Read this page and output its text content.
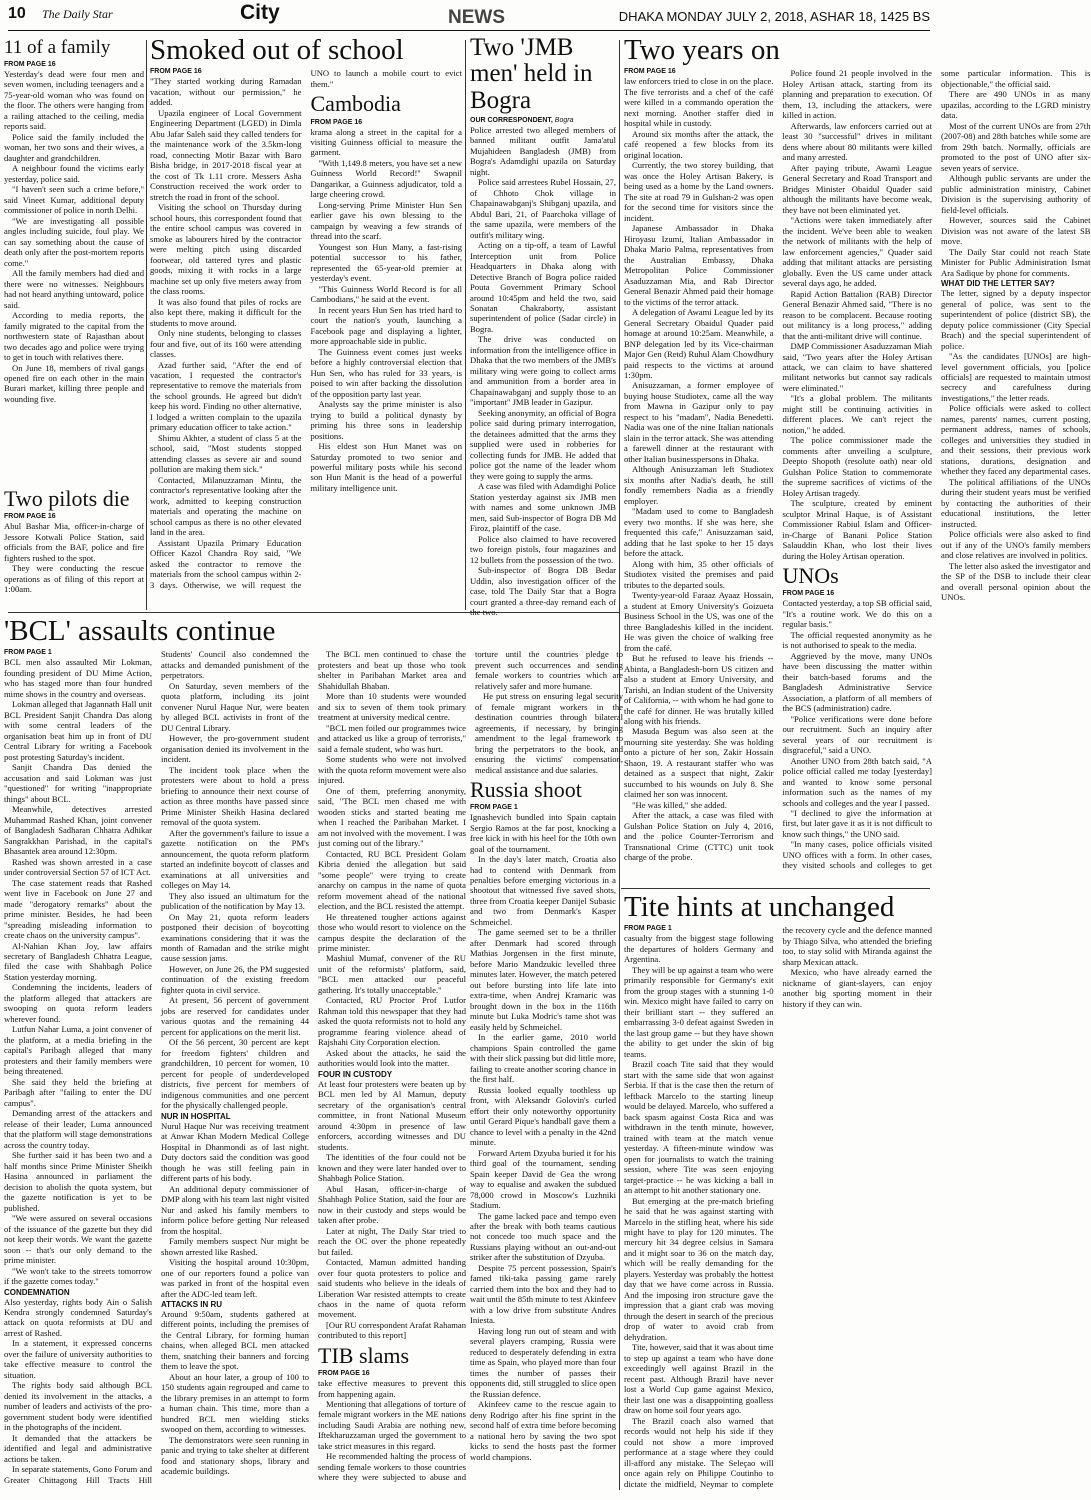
10 The Daily Star	City	NEWS	DHAKA MONDAY JULY 2, 2018, ASHAR 18, 1425 BS
11 of a family
FROM PAGE 16

Yesterday's dead were four men and seven women, including teenagers and a 75-year-old woman who was found on the floor. The others were hanging from a railing attached to the ceiling, media reports said.

Police said the family included the woman, her two sons and their wives, a daughter and grandchildren.

A neighbour found the victims early yesterday, police said.

"I haven't seen such a crime before," said Vineet Kumar, additional deputy commissioner of police in north Delhi.

"We are investigating all possible angles including suicide, foul play. We can say something about the cause of death only after the post-mortem reports come."

All the family members had died and there were no witnesses. Neighbours had not heard anything untoward, police said.

According to media reports, the family migrated to the capital from the northwestern state of Rajasthan about two decades ago and police were trying to get in touch with relatives there.

On June 18, members of rival gangs opened fire on each other in the main Burari market, killing three people and wounding five.

Two pilots die
FROM PAGE 16

Abul Bashar Mia, officer-in-charge of Jessore Kotwali Police Station, said officials from the BAF, police and fire fighters rushed to the spot.

They were conducting the rescue operations as of filing of this report at 1:00am.

Smoked out of school
FROM PAGE 16

"They started working during Ramadan vacation, without our permission," he added.

Upazila engineer of Local Government Engineering Department (LGED) in Dimla Abu Jafar Saleh said they called tenders for the maintenance work of the 3.5km-long road, connecting Motir Bazar with Baro Bisha bridge, in 2017-2018 fiscal year at the cost of Tk 1.11 crore. Messers Asha Construction received the work order to stretch the road in front of the school.

Visiting the school on Thursday during school hours, this correspondent found that the entire school campus was covered in smoke as labourers hired by the contractor were melting pitch using discarded footwear, old tattered tyres and plastic goods, mixing it with rocks in a large machine set up only five meters away from the class rooms.

It was also found that piles of rocks are also kept there, making it difficult for the students to move around.

Only nine students, belonging to classes four and five, out of its 160 were attending classes.

Azad further said, "After the end of vacation, I requested the contractor's representative to remove the materials from the school grounds. He agreed but didn't keep his word. Finding no other alternative, I lodged a written complain to the upazila primary education officer to take action."

Shimu Akhter, a student of class 5 at the school, said, "Most students stopped attending classes as severe air and sound pollution are making them sick."

Contacted, Milanuzzaman Mintu, the contractor's representative looking after the work, admitted to keeping construction materials and operating the machine on school campus as there is no other elevated land in the area.

Assistant Upazila Primary Education Officer Kazol Chandra Roy said, "We asked the contractor to remove the materials from the school campus within 2-3 days. Otherwise, we will request the UNO to launch a mobile court to evict them."

Cambodia
FROM PAGE 16

krama along a street in the capital for a visiting Guinness official to measure the garment.

"With 1,149.8 meters, you have set a new Guinness World Record!" Swapnil Dangarikar, a Guinness adjudicator, told a large cheering crowd.

Long-serving Prime Minister Hun Sen earlier gave his own blessing to the campaign by weaving a few strands of thread into the scarf.

Youngest son Hun Many, a fast-rising potential successor to his father, represented the 65-year-old premier at yesterday's event.

"This Guinness World Record is for all Cambodians," he said at the event.

In recent years Hun Sen has tried hard to court the nation's youth, launching a Facebook page and displaying a lighter, more approachable side in public.

The Guinness event comes just weeks before a highly controversial election that Hun Sen, who has ruled for 33 years, is poised to win after backing the dissolution of the opposition party last year.

Analysts say the prime minister is also trying to build a political dynasty by priming his three sons in leadership positions.

His eldest son Hun Manet was on Saturday promoted to two senior and powerful military posts while his second son Hun Manit is the head of a powerful military intelligence unit.

Two 'JMB men' held in Bogra
OUR CORRESPONDENT, Bogra

Police arrested two alleged members of banned militant outfit Jama'atul Mujahideen Bangladesh (JMB) from Bogra's Adamdighi upazila on Saturday night.

Police said arrestees Rubel Hossain, 27, of Chhoto Chok village in Chapainawabganj's Shibganj upazila, and Abdul Bari, 21, of Paarchoka village of the same upazila, were members of the outfit's military wing.

Acting on a tip-off, a team of Lawful Interception unit from Police Headquarters in Dhaka along with Detective Branch of Bogra police raided Pouta Government Primary School around 10:45pm and held the two, said Sonatan Chakraborty, assistant superintendent of police (Sadar circle) in Bogra.

The drive was conducted on information from the intelligence office in Dhaka that the two members of the JMB's military wing were going to collect arms and ammunition from a border area in Chapainawabganj and supply those to an "important" JMB leader in Gazipur.

Seeking anonymity, an official of Bogra police said during primary interrogation, the detainees admitted that the arms they supplied were used in robberies for collecting funds for JMB. He added that police got the name of the leader whom they were going to supply the arms.

A case was filed with Adamdighi Police Station yesterday against six JMB men with names and some unknown JMB men, said Sub-inspector of Bogra DB Md Firoz, plaintiff of the case.

Police also claimed to have recovered two foreign pistols, four magazines and 12 bullets from the possession of the two.

Sub-inspector of Bogra DB Bedar Uddin, also investigation officer of the case, told The Daily Star that a Bogra court granted a three-day remand each of the two.

Russia shoot
FROM PAGE 1

Ignashevich bundled into Spain captain Sergio Ramos at the far post, knocking a free kick in with his heel for the 10th own goal of the tournament.

In the day's later match, Croatia also had to contend with Denmark from penalties before emerging victorious in a shootout that witnessed five saved shots, three from Croatia keeper Danijel Subasic and two from Denmark's Kasper Schmeichel.

The game seemed set to be a thriller after Denmark had scored through Mathias Jorgensen in the first minute, before Mario Mandzukic levelled three minutes later. However, the match petered out before bursting into life late into extra-time, when Andrej Kramaric was brought down in the box in the 116th minute but Luka Modric's tame shot was easily held by Schmeichel.

In the earlier game, 2010 world champions Spain controlled the game with their slick passing but did little more, failing to create another scoring chance in the first half.

Russia looked equally toothless up front, with Aleksandr Golovin's curled effort their only noteworthy opportunity until Gerard Pique's handball gave them a chance to level with a penalty in the 42nd minute.

Forward Artem Dzyuba buried it for his third goal of the tournament, sending Spain keeper David de Gea the wrong way to equalise and awaken the subdued 78,000 crowd in Moscow's Luzhniki Stadium.

The game lacked pace and tempo even after the break with both teams cautious not concede too much space and the Russians playing without an out-and-out striker after the substitution of Dzyuba.

Despite 75 percent possession, Spain's famed tiki-taka passing game rarely carried them into the box and they had to wait until the 85th minute to test Akinfeev with a low drive from substitute Andres Iniesta.

Having long run out of steam and with several players cramping, Russia were reduced to desperately defending in extra time as Spain, who played more than four times the number of passes their opponents did, still struggled to slice open the Russian defence.

Akinfeev came to the rescue again to deny Rodrigo after his fine sprint in the second half of extra time before becoming a national hero by saving the two spot kicks to send the hosts past the former world champions.

Two years on
FROM PAGE 16

law enforcers tried to close in on the place. The five terrorists and a chef of the café were killed in a commando operation the next morning. Another staffer died in hospital while in custody.

Around six months after the attack, the café reopened a few blocks from its original location.

Currently, the two storey building, that was once the Holey Artisan Bakery, is being used as a home by the Land owners. The site at road 79 in Gulshan-2 was open for the second time for visitors since the incident.

Japanese Ambassador in Dhaka Hiroyasu Izumi, Italian Ambassador in Dhaka Mario Palma, representatives from the Australian Embassy, Dhaka Metropolitan Police Commissioner Asaduzzaman Mia, and Rab Director General Benazir Ahmed paid their homage to the victims of the terror attack.

A delegation of Awami League led by its General Secretary Obaidul Quader paid homage at around 10:25am. Meanwhile, a BNP delegation led by its Vice-chairman Major Gen (Retd) Ruhul Alam Chowdhury paid respects to the victims at around 1:30pm.

Anisuzzaman, a former employee of buying house Studiotex, came all the way from Mawna in Gazipur only to pay respect to his "madam", Nadia Benedetti. Nadia was one of the nine Italian nationals slain in the terror attack. She was attending a farewell dinner at the restaurant with other Italian businesspersons in Dhaka.

Although Anisuzzaman left Studiotex six months after Nadia's death, he still fondly remembers Nadia as a friendly employer.

"Madam used to come to Bangladesh every two months. If she was here, she frequented this cafe," Anisuzzaman said, adding that he last spoke to her 15 days before the attack.

Along with him, 35 other officials of Studiotex visited the premises and paid tributes to the departed souls.

Twenty-year-old Faraaz Ayaaz Hossain, a student at Emory University's Goizueta Business School in the US, was one of the three Bangladeshis killed in the incident. He was given the choice of walking free from the café.

But he refused to leave his friends -- Abinta, a Bangladesh-born US citizen and also a student at Emory University, and Tarishi, an Indian student of the University of California, -- with whom he had gone to the café for dinner. He was brutally killed along with his friends.

Masuda Begum was also seen at the mourning site yesterday. She was holding onto a picture of her son, Zakir Hossain Shaon, 19. A restaurant staffer who was detained as a suspect that night, Zakir succumbed to his wounds on July 8. She claimed her son was innocent.

"He was killed," she added.

After the attack, a case was filed with Gulshan Police Station on July 4, 2016, and the police Counter-Terrorism and Transnational Crime (CTTC) unit took charge of the probe.

Police found 21 people involved in the Holey Artisan attack, starting from its planning and preparation to execution. Of them, 13, including the attackers, were killed in action.

Afterwards, law enforcers carried out at least 30 "successful" drives in militant dens where about 80 militants were killed and many arrested.

After paying tribute, Awami League General Secretary and Road Transport and Bridges Minister Obaidul Quader said although the militants have become weak, they have not been eliminated yet.

"Actions were taken immediately after the incident. We've been able to weaken the network of militants with the help of law enforcement agencies," Quader said adding that militant attacks are persisting globally. Even the US came under attack several days ago, he added.

Rapid Action Battalion (RAB) Director General Benazir Ahmed said, "There is no reason to be complacent. Because rooting out militancy is a long process," adding that the anti-militant drive will continue.

DMP Commissioner Asaduzzaman Miah said, "Two years after the Holey Artisan attack, we can claim to have shattered militant networks but cannot say radicals were eliminated."

"It's a global problem. The militants might still be continuing activities in different places. We can't reject the notion," he added.

The police commissioner made the comments after unveiling a sculpture, Deepto Shopoth (resolute oath) near old Gulshan Police Station to commemorate the supreme sacrifices of victims of the Holey Artisan tragedy.

The sculpture, created by eminent sculptor Mrinal Haque, is of Assistant Commissioner Rabiul Islam and Officer-in-Charge of Banani Police Station Salauddin Khan, who lost their lives during the Holey Artisan operation.

UNOs
FROM PAGE 16

Contacted yesterday, a top SB official said, "It's a routine work. We do this on a regular basis."

The official requested anonymity as he is not authorised to speak to the media.

Aggrieved by the move, many UNOs have been discussing the matter within their batch-based forums and the Bangladesh Administrative Service Association, a platform of all members of the BCS (administration) cadre.

"Police verifications were done before our recruitment. Such an inquiry after several years of our recruitment is disgraceful," said a UNO.

Another UNO from 28th batch said, "A police official called me today [yesterday] and wanted to know some personal information such as the names of my schools and colleges and the year I passed.

"I declined to give the information at first, but later gave it as it is not difficult to know such things," the UNO said.

"In many cases, police officials visited UNO offices with a form. In other cases, they visited schools and colleges to get some particular information. This is objectionable," the official said.

There are 490 UNOs in as many upazilas, according to the LGRD ministry data.

Most of the current UNOs are from 27th (2007-08) and 28th batches while some are from 29th batch. Normally, officials are promoted to the post of UNO after six-seven years of service.

Although public servants are under the public administration ministry, Cabinet Division is the supervising authority of field-level officials.

However, sources said the Cabinet Division was not aware of the latest SB move.

The Daily Star could not reach State Minister for Public Administration Ismat Ara Sadique by phone for comments.

WHAT DID THE LETTER SAY?

The letter, signed by a deputy inspector general of police, was sent to the superintendent of police (district SB), the deputy police commissioner (City Special Brach) and the special superintendent of police.

"As the candidates [UNOs] are high-level government officials, you [police officials] are requested to maintain utmost secrecy and carefulness during investigations," the letter reads.

Police officials were asked to collect names, parents' names, current posting, permanent address, names of schools, colleges and universities they studied in and their sessions, their previous work stations, durations, designation and whether they faced any departmental cases.

The political affiliations of the UNOs during their student years must be verified by contacting the authorities of their educational institutions, the letter instructed.

Police officials were also asked to find out if any of the UNO's family members and close relatives are involved in politics.

The letter also asked the investigator and the SP of the DSB to include their clear and overall personal opinion about the UNOs.

'BCL' assaults continue
FROM PAGE 1

BCL men also assaulted Mir Lokman, founding president of DU Mime Action, who has staged more than four hundred mime shows in the country and overseas.

Lokman alleged that Jagannath Hall unit BCL President Sanjit Chandra Das along with some central leaders of the organisation beat him up in front of DU Central Library for writing a Facebook post protesting Saturday's incident.

Sanjit Chandra Das denied the accusation and said Lokman was just "questioned" for writing "inappropriate things" about BCL.

Meanwhile, detectives arrested Muhammad Rashed Khan, joint convener of Bangladesh Sadharan Chhatra Adhikar Sangrakkhan Parishad, in the capital's Bhasantek area around 12:30pm.

Rashed was shown arrested in a case under controversial Section 57 of ICT Act.

The case statement reads that Rashed went live in Facebook on June 27 and made "derogatory remarks" about the prime minister. Besides, he had been "spreading misleading information to create chaos on the university campus".

Al-Nahian Khan Joy, law affairs secretary of Bangladesh Chhatra League, filed the case with Shahbagh Police Station yesterday morning.

Condemning the incidents, leaders of the platform alleged that attackers are swooping on quota reform leaders wherever found.

Lutfun Nahar Luma, a joint convener of the platform, at a media briefing in the capital's Paribagh alleged that many protesters and their family members were being threatened.

She said they held the briefing at Paribagh after "failing to enter the DU campus".

Demanding arrest of the attackers and release of their leader, Luma announced that the platform will stage demonstrations across the country today.

She further said it has been two and a half months since Prime Minister Sheikh Hasina announced in parliament the decision to abolish the quota system, but the gazette notification is yet to be published.

"We were assured on several occasions of the issuance of the gazette but they did not keep their words. We want the gazette soon -- that's our only demand to the prime minister.

"We won't take to the streets tomorrow if the gazette comes today."

CONDEMNATION

Also yesterday, rights body Ain o Salish Kendra strongly condemned Saturday's attack on quota reformists at DU and arrest of Rashed.

In a statement, it expressed concerns over the failure of university authorities to take effective measure to control the situation.

The rights body said although BCL denied its involvement in the attacks, a number of leaders and activists of the pro-government student body were identified in the photographs of the incident.

It demanded that the attackers be identified and legal and administrative actions be taken.

In separate statements, Gono Forum and Greater Chittagong Hill Tracts Hill Students' Council also condemned the attacks and demanded punishment of the perpetrators.

On Saturday, seven members of the quota platform, including its joint convener Nurul Haque Nur, were beaten by alleged BCL activists in front of the DU Central Library.

However, the pro-government student organisation denied its involvement in the incident.

The incident took place when the protesters were about to hold a press briefing to announce their next course of action as three months have passed since Prime Minister Sheikh Hasina declared removal of the quota system.

After the government's failure to issue a gazette notification on the PM's announcement, the quota reform platform started an indefinite boycott of classes and examinations at all universities and colleges on May 14.

They also issued an ultimatum for the publication of the notification by May 13.

On May 21, quota reform leaders postponed their decision of boycotting examinations considering that it was the month of Ramadan and the strike might cause session jams.

However, on June 26, the PM suggested continuation of the existing freedom fighter quota in civil service.

At present, 56 percent of government jobs are reserved for candidates under various quotas and the remaining 44 percent for applications on the merit list.

Of the 56 percent, 30 percent are kept for freedom fighters' children and grandchildren, 10 percent for women, 10 percent for people of underdeveloped districts, five percent for members of indigenous communities and one percent for the physically challenged people.

NUR IN HOSPITAL

Nurul Haque Nur was receiving treatment at Anwar Khan Modern Medical College Hospital in Dhanmondi as of last night. Duty doctors said the condition was good though he was still feeling pain in different parts of his body.

An additional deputy commissioner of DMP along with his team last night visited Nur and asked his family members to inform police before getting Nur released from the hospital.

Family members suspect Nur might be shown arrested like Rashed.

Visiting the hospital around 10:30pm, one of our reporters found a police van was parked in front of the hospital even after the ADC-led team left.

ATTACKS IN RU

Around 9:50am, students gathered at different points, including the premises of the Central Library, for forming human chains, when alleged BCL men attacked them, snatching their banners and forcing them to leave the spot.

About an hour later, a group of 100 to 150 students again regrouped and came to the library premises in an attempt to form a human chain. This time, more than a hundred BCL men wielding sticks swooped on them, according to witnesses.

The demonstrators were seen running in panic and trying to take shelter at different food and stationary shops, library and academic buildings.

The BCL men continued to chase the protesters and beat up those who took shelter in Paribahan Market area and Shahidullah Bhaban.

More than 10 students were wounded and six to seven of them took primary treatment at university medical centre.

"BCL men foiled our programmes twice and attacked us like a group of terrorists," said a female student, who was hurt.

Some students who were not involved with the quota reform movement were also injured.

One of them, preferring anonymity, said, "The BCL men chased me with wooden sticks and started beating me when I reached the Paribahan Market. I am not involved with the movement. I was just coming out of the library."

Contacted, RU BCL President Golam Kibria denied the allegation but said "some people" were trying to create anarchy on campus in the name of quota reform movement ahead of the national election, and the BCL resisted the attempt.

He threatened tougher actions against those who would resort to violence on the campus despite the declaration of the prime minister.

Mashiul Mumaf, convener of the RU unit of the reformists' platform, said, "BCL men attacked our peaceful gathering. It's totally unacceptable."

Contacted, RU Proctor Prof Lutfor Rahman told this newspaper that they had asked the quota reformists not to hold any programme fearing violence ahead of Rajshahi City Corporation election.

Asked about the attacks, he said the authorities would look into the matter.

FOUR IN CUSTODY

At least four protesters were beaten up by BCL men led by Al Mamun, deputy secretary of the organisation's central committee, in front National Museum around 4:30pm in presence of law enforcers, according witnesses and DU students.

The identities of the four could not be known and they were later handed over to Shahbagh Police Station.

Abul Hasan, officer-in-charge of Shahbagh Police Station, said the four are now in their custody and steps would be taken after probe.

Later at night, The Daily Star tried to reach the OC over the phone repeatedly but failed.

Contacted, Mamun admitted handing over four quota protesters to police and said students who believe in the ideals of Liberation War resisted attempts to create chaos in the name of quota reform movement.

[Our RU correspondent Arafat Rahaman contributed to this report]

TIB slams
FROM PAGE 16

take effective measures to prevent this from happening again.

Mentioning that allegations of torture of female migrant workers in the ME nations including Saudi Arabia are nothing new, Iftekharuzzaman urged the government to take strict measures in this regard.

He recommended halting the process of sending female workers to those countries where they were subjected to abuse and torture until the countries pledge to prevent such occurrences and sending female workers to countries which are relatively safer and more humane.

He put stress on ensuring legal security of female migrant workers in the destination countries through bilateral agreements, if necessary, by bringing amendment to the legal framework to bring the perpetrators to the book, and ensuring the victims' compensation, medical assistance and due salaries.

Tite hints at unchanged
FROM PAGE 1

casualty from the biggest stage following the departures of holders Germany and Argentina.

They will be up against a team who were primarily responsible for Germany's exit from the group stages with a stunning 1-0 win. Mexico might have failed to carry on their brilliant start -- they suffered an embarrassing 3-0 defeat against Sweden in the last group game -- but they have shown the ability to get under the skin of big teams.

Brazil coach Tite said that they would start with the same side that won against Serbia. If that is the case then the return of leftback Marcelo to the starting lineup would be delayed. Marcelo, who suffered a back spasm against Costa Rica and was withdrawn in the tenth minute, however, trained with team at the match venue yesterday. A fifteen-minute window was open for journalists to watch the training session, where Tite was seen enjoying target-practice -- he was kicking a ball in an attempt to hit another stationary one.

But emerging at the pre-match briefing he said that he was against starting with Marcelo in the stifling heat, where his side might have to play for 120 minutes. The mercury hit 34 degree celsius in Samara and it might soar to 36 on the match day, which will be really demanding for the players. Yesterday was probably the hottest day that we have come across in Russia. And the imposing iron structure gave the impression that a giant crab was moving through the desert in search of the precious drop of water to avoid crab from dehydration.

Tite, however, said that it was about time to step up against a team who have done exceedingly well against Brazil in the recent past. Although Brazil have never lost a World Cup game against Mexico, their last one was a disappointing goalless draw on home soil four years ago.

The Brazil coach also warned that records would not help his side if they could not show a more improved performance at a stage where they could ill-afford any mistake. The Seleçao will once again rely on Philippe Coutinho to dictate the midfield, Neymar to complete the recovery cycle and the defence manned by Thiago Silva, who attended the briefing too, to stay solid with Miranda against the sharp Mexican attack.

Mexico, who have already earned the nickname of giant-slayers, can enjoy another big sporting moment in their history if they can win.
